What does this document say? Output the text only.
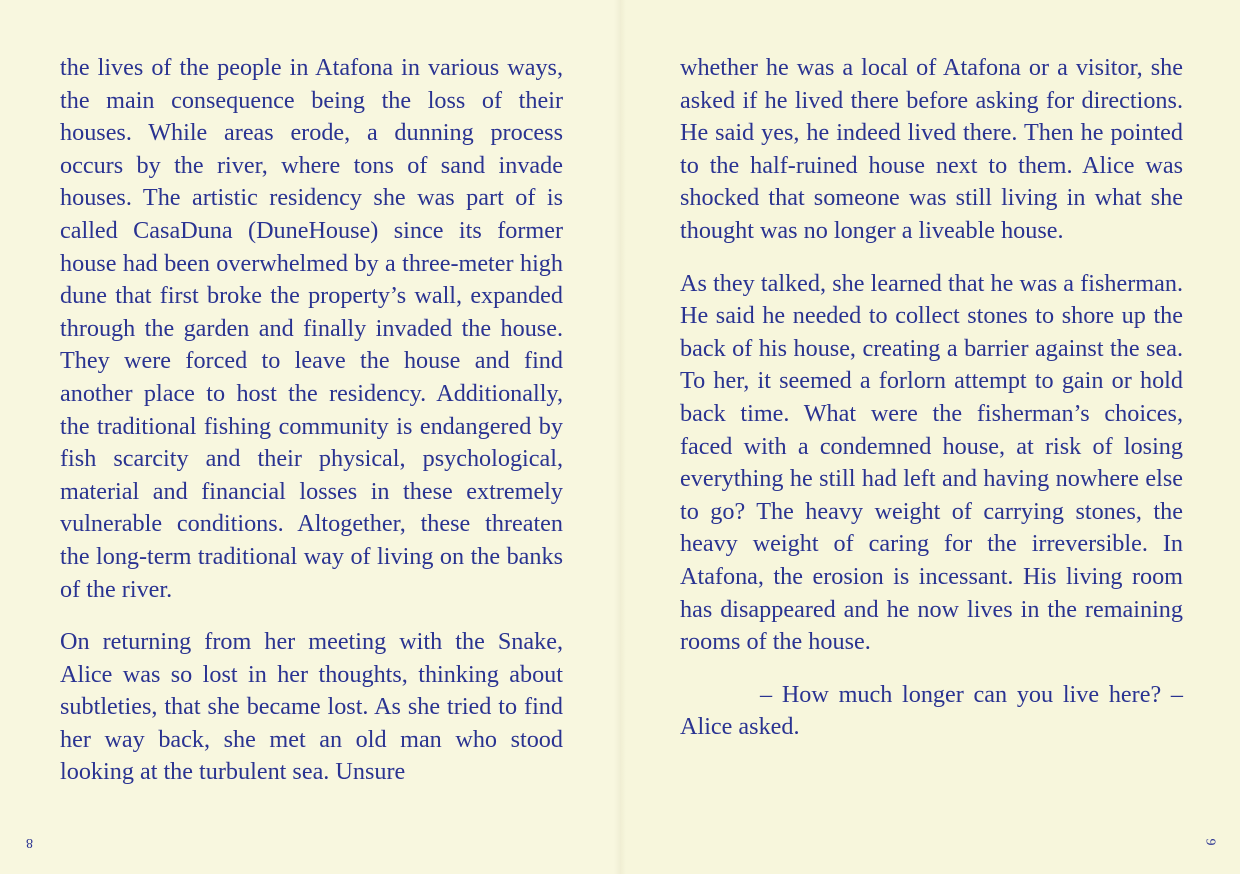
the lives of the people in Atafona in various ways, the main consequence being the loss of their houses. While areas erode, a dunning process occurs by the river, where tons of sand invade houses. The artistic residency she was part of is called CasaDuna (DuneHouse) since its former house had been overwhelmed by a three-meter high dune that first broke the property’s wall, expanded through the garden and finally invaded the house. They were forced to leave the house and find another place to host the residency. Additionally, the traditional fishing community is endangered by fish scarcity and their physical, psychological, material and financial losses in these extremely vulnerable conditions. Altogether, these threaten the long-term traditional way of living on the banks of the river.

On returning from her meeting with the Snake, Alice was so lost in her thoughts, thinking about subtleties, that she became lost. As she tried to find her way back, she met an old man who stood looking at the turbulent sea. Unsure

8

whether he was a local of Atafona or a visitor, she asked if he lived there before asking for directions. He said yes, he indeed lived there. Then he pointed to the half-ruined house next to them. Alice was shocked that someone was still living in what she thought was no longer a liveable house.

As they talked, she learned that he was a fisherman. He said he needed to collect stones to shore up the back of his house, creating a barrier against the sea. To her, it seemed a forlorn attempt to gain or hold back time. What were the fisherman’s choices, faced with a condemned house, at risk of losing everything he still had left and having nowhere else to go? The heavy weight of carrying stones, the heavy weight of caring for the irreversible. In Atafona, the erosion is incessant. His living room has disappeared and he now lives in the remaining rooms of the house.

– How much longer can you live here? – Alice asked.

9
